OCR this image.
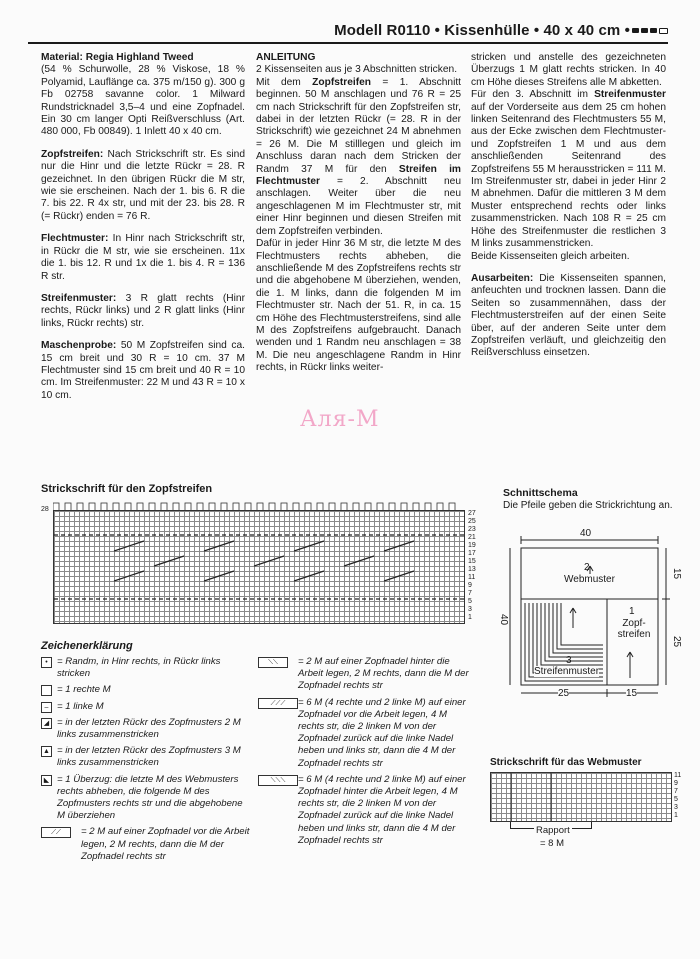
Modell R0110 • Kissenhülle • 40 x 40 cm •

Material: Regia Highland Tweed
(54 % Schurwolle, 28 % Viskose, 18 % Polyamid, Lauflänge ca. 375 m/150 g). 300 g Fb 02758 savanne color. 1 Milward Rundstricknadel 3,5–4 und eine Zopfnadel. Ein 30 cm langer Opti Reißverschluss (Art. 480 000, Fb 00849). 1 Inlett 40 x 40 cm.

Zopfstreifen: Nach Strickschrift str. Es sind nur die Hinr und die letzte Rückr = 28. R gezeichnet. In den übrigen Rückr die M str, wie sie erscheinen. Nach der 1. bis 6. R die 7. bis 22. R 4x str, und mit der 23. bis 28. R (= Rückr) enden = 76 R.

Flechtmuster: In Hinr nach Strickschrift str, in Rückr die M str, wie sie erscheinen. 11x die 1. bis 12. R und 1x die 1. bis 4. R = 136 R str.

Streifenmuster: 3 R glatt rechts (Hinr rechts, Rückr links) und 2 R glatt links (Hinr links, Rückr rechts) str.

Maschenprobe: 50 M Zopfstreifen sind ca. 15 cm breit und 30 R = 10 cm. 37 M Flechtmuster sind 15 cm breit und 40 R = 10 cm. Im Streifenmuster: 22 M und 43 R = 10 x 10 cm.

ANLEITUNG
2 Kissenseiten aus je 3 Abschnitten stricken.
Mit dem Zopfstreifen = 1. Abschnitt beginnen. 50 M anschlagen und 76 R = 25 cm nach Strickschrift für den Zopfstreifen str, dabei in der letzten Rückr (= 28. R in der Strickschrift) wie gezeichnet 24 M abnehmen = 26 M. Die M stilllegen und gleich im Anschluss daran nach dem Stricken der Randm 37 M für den Streifen im Flechtmuster = 2. Abschnitt neu anschlagen. Weiter über die neu angeschlagenen M im Flechtmuster str, mit einer Hinr beginnen und diesen Streifen mit dem Zopfstreifen verbinden.
Dafür in jeder Hinr 36 M str, die letzte M des Flechtmusters rechts abheben, die anschließende M des Zopfstreifens rechts str und die abgehobene M überziehen, wenden, die 1. M links, dann die folgenden M im Flechtmuster str. Nach der 51. R, in ca. 15 cm Höhe des Flechtmusterstreifens, sind alle M des Zopfstreifens aufgebraucht. Danach wenden und 1 Randm neu anschlagen = 38 M. Die neu angeschlagene Randm in Hinr rechts, in Rückr links weiter-

stricken und anstelle des gezeichneten Überzugs 1 M glatt rechts stricken. In 40 cm Höhe dieses Streifens alle M abketten.
Für den 3. Abschnitt im Streifenmuster auf der Vorderseite aus dem 25 cm hohen linken Seitenrand des Flechtmusters 55 M, aus der Ecke zwischen dem Flechtmuster- und Zopfstreifen 1 M und aus dem anschließenden Seitenrand des Zopfstreifens 55 M herausstricken = 111 M. Im Streifenmuster str, dabei in jeder Hinr 2 M abnehmen. Dafür die mittleren 3 M dem Muster entsprechend rechts oder links zusammenstricken. Nach 108 R = 25 cm Höhe des Streifenmuster die restlichen 3 M links zusammenstricken.
Beide Kissenseiten gleich arbeiten.

Ausarbeiten: Die Kissenseiten spannen, anfeuchten und trocknen lassen. Dann die Seiten so zusammennähen, dass der Flechtmusterstreifen auf der einen Seite über, auf der anderen Seite unter dem Zopfstreifen verläuft, und gleichzeitig den Reißverschluss einsetzen.

Аля-М
Strickschrift für den Zopfstreifen
28
27
25
23
21
19
17
15
13
11
9
7
5
3
1
Zeichenerklärung
• = Randm, in Hinr rechts, in Rückr links stricken
= 1 rechte M
– = 1 linke M
◢ = in der letzten Rückr des Zopfmusters 2 M links zusammenstricken
▲ = in der letzten Rückr des Zopfmusters 3 M links zusammenstricken
◣ = 1 Überzug: die letzte M des Webmusters rechts abheben, die folgende M des Zopfmusters rechts str und die abgehobene M überziehen
⟋⟋	= 2 M auf einer Zopfnadel vor die Arbeit legen, 2 M rechts, dann die M der Zopfnadel rechts str
⟍⟍	= 2 M auf einer Zopfnadel hinter die Arbeit legen, 2 M rechts, dann die M der Zopfnadel rechts str
⟋⟋⟋	= 6 M (4 rechte und 2 linke M) auf einer Zopfnadel vor die Arbeit legen, 4 M rechts str, die 2 linken M von der Zopfnadel zurück auf die linke Nadel heben und links str, dann die 4 M der Zopfnadel rechts str
⟍⟍⟍	= 6 M (4 rechte und 2 linke M) auf einer Zopfnadel hinter die Arbeit legen, 4 M rechts str, die 2 linken M von der Zopfnadel zurück auf die linke Nadel heben und links str, dann die 4 M der Zopfnadel rechts str
Schnittschema
Die Pfeile geben die Strickrichtung an.
40
2
Webmuster
15
40
1
Zopf-streifen
25
3
Streifenmuster
25	15
Strickschrift für das Webmuster
11
9
7
5
3
1
Rapport
= 8 M
